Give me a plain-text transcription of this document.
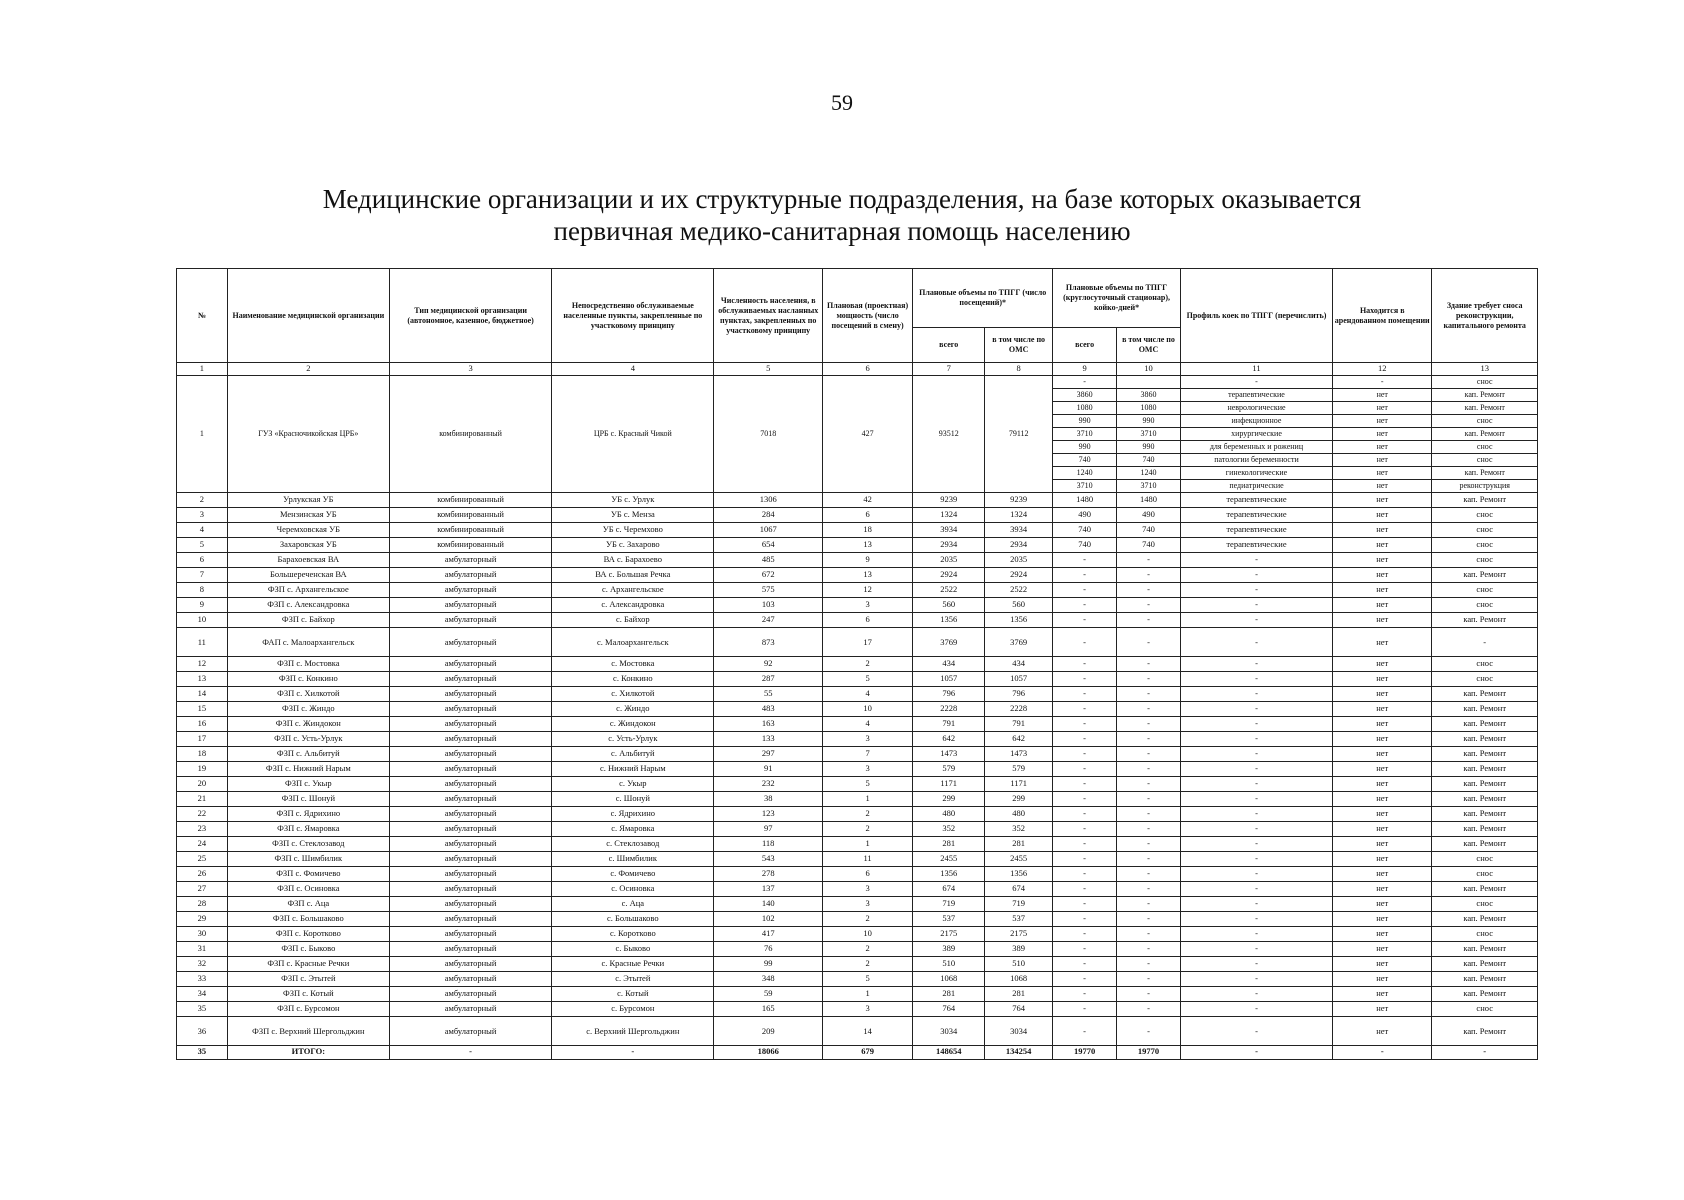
59
Медицинские организации и их структурные подразделения, на базе которых оказывается
первичная медико-санитарная помощь населению
№	Наименование медицинской организации	Тип медицинской организации (автономное, казенное, бюджетное)	Непосредственно обслуживаемые населенные пункты, закрепленные по участковому принципу	Численность населения, в обслуживаемых насланных пунктах, закрепленных по участковому принципу	Плановая (проектная) мощность (число посещений в смену)	Плановые объемы по ТПГГ (число посещений)*		Плановые объемы по ТПГГ (круглосуточный стационар), койко-дней*		Профиль коек по ТПГГ (перечислить)	Находится в арендованном помещении	Здание требует сноса реконструкции, капитального ремонта
						всего	в том числе по ОМС	всего	в том числе по ОМС			
1	2	3	4	5	6	7	8	9	10	11	12	13
1	ГУЗ «Красночикойская ЦРБ»	комбинированный	ЦРБ с. Красный Чикой	7018	427	93512	79112	-		-	-	снос
								3860	3860	терапевтические	нет	кап. Ремонт
								1080	1080	неврологические	нет	кап. Ремонт
								990	990	инфекционное	нет	снос
								3710	3710	хирургические	нет	кап. Ремонт
								990	990	для беременных и рожениц	нет	снос
								740	740	патологии беременности	нет	снос
								1240	1240	гинекологические	нет	кап. Ремонт
								3710	3710	педиатрические	нет	реконструкция
2	Урлукская УБ	комбинированный	УБ с. Урлук	1306	42	9239	9239	1480	1480	терапевтические	нет	кап. Ремонт
3	Мензинская УБ	комбинированный	УБ с. Менза	284	6	1324	1324	490	490	терапевтические	нет	снос
4	Черемховская УБ	комбинированный	УБ с. Черемхово	1067	18	3934	3934	740	740	терапевтические	нет	снос
5	Захаровская УБ	комбинированный	УБ с. Захарово	654	13	2934	2934	740	740	терапевтические	нет	снос
6	Барахоевская ВА	амбулаторный	ВА с. Барахоево	485	9	2035	2035	-	-	-	нет	снос
7	Большереченская ВА	амбулаторный	ВА с. Большая Речка	672	13	2924	2924	-	-	-	нет	кап. Ремонт
8	ФЗП с. Архангельское	амбулаторный	с. Архангельское	575	12	2522	2522	-	-	-	нет	снос
9	ФЗП с. Александровка	амбулаторный	с. Александровка	103	3	560	560	-	-	-	нет	снос
10	ФЗП с. Байхор	амбулаторный	с. Байхор	247	6	1356	1356	-	-	-	нет	кап. Ремонт
11	ФАП с. Малоархангельск	амбулаторный	с. Малоархангельск	873	17	3769	3769	-	-	-	нет	-
12	ФЗП с. Мостовка	амбулаторный	с. Мостовка	92	2	434	434	-	-	-	нет	снос
13	ФЗП с. Конкино	амбулаторный	с. Конкино	287	5	1057	1057	-	-	-	нет	снос
14	ФЗП с. Хилкотой	амбулаторный	с. Хилкотой	55	4	796	796	-	-	-	нет	кап. Ремонт
15	ФЗП с. Жиндо	амбулаторный	с. Жиндо	483	10	2228	2228	-	-	-	нет	кап. Ремонт
16	ФЗП с. Жиндокон	амбулаторный	с. Жиндокон	163	4	791	791	-	-	-	нет	кап. Ремонт
17	ФЗП с. Усть-Урлук	амбулаторный	с. Усть-Урлук	133	3	642	642	-	-	-	нет	кап. Ремонт
18	ФЗП с. Альбитуй	амбулаторный	с. Альбитуй	297	7	1473	1473	-	-	-	нет	кап. Ремонт
19	ФЗП с. Нижний Нарым	амбулаторный	с. Нижний Нарым	91	3	579	579	-	-	-	нет	кап. Ремонт
20	ФЗП с. Укыр	амбулаторный	с. Укыр	232	5	1171	1171	-	-	-	нет	кап. Ремонт
21	ФЗП с. Шонуй	амбулаторный	с. Шонуй	38	1	299	299	-	-	-	нет	кап. Ремонт
22	ФЗП с. Ядрихино	амбулаторный	с. Ядрихино	123	2	480	480	-	-	-	нет	кап. Ремонт
23	ФЗП с. Ямаровка	амбулаторный	с. Ямаровка	97	2	352	352	-	-	-	нет	кап. Ремонт
24	ФЗП с. Стеклозавод	амбулаторный	с. Стеклозавод	118	1	281	281	-	-	-	нет	кап. Ремонт
25	ФЗП с. Шимбилик	амбулаторный	с. Шимбилик	543	11	2455	2455	-	-	-	нет	снос
26	ФЗП с. Фомичево	амбулаторный	с. Фомичево	278	6	1356	1356	-	-	-	нет	снос
27	ФЗП с. Осиновка	амбулаторный	с. Осиновка	137	3	674	674	-	-	-	нет	кап. Ремонт
28	ФЗП с. Аца	амбулаторный	с. Аца	140	3	719	719	-	-	-	нет	снос
29	ФЗП с. Большаково	амбулаторный	с. Большаково	102	2	537	537	-	-	-	нет	кап. Ремонт
30	ФЗП с. Коротково	амбулаторный	с. Коротково	417	10	2175	2175	-	-	-	нет	снос
31	ФЗП с. Быково	амбулаторный	с. Быково	76	2	389	389	-	-	-	нет	кап. Ремонт
32	ФЗП с. Красные Речки	амбулаторный	с. Красные Речки	99	2	510	510	-	-	-	нет	кап. Ремонт
33	ФЗП с. Этытей	амбулаторный	с. Этытей	348	5	1068	1068	-	-	-	нет	кап. Ремонт
34	ФЗП с. Котый	амбулаторный	с. Котый	59	1	281	281	-	-	-	нет	кап. Ремонт
35	ФЗП с. Бурсомон	амбулаторный	с. Бурсомон	165	3	764	764	-	-	-	нет	снос
36	ФЗП с. Верхний Шергольджин	амбулаторный	с. Верхний Шергольджин	209	14	3034	3034	-	-	-	нет	кап. Ремонт
35	ИТОГО:	-	-	18066	679	148654	134254	19770	19770	-	-	-
